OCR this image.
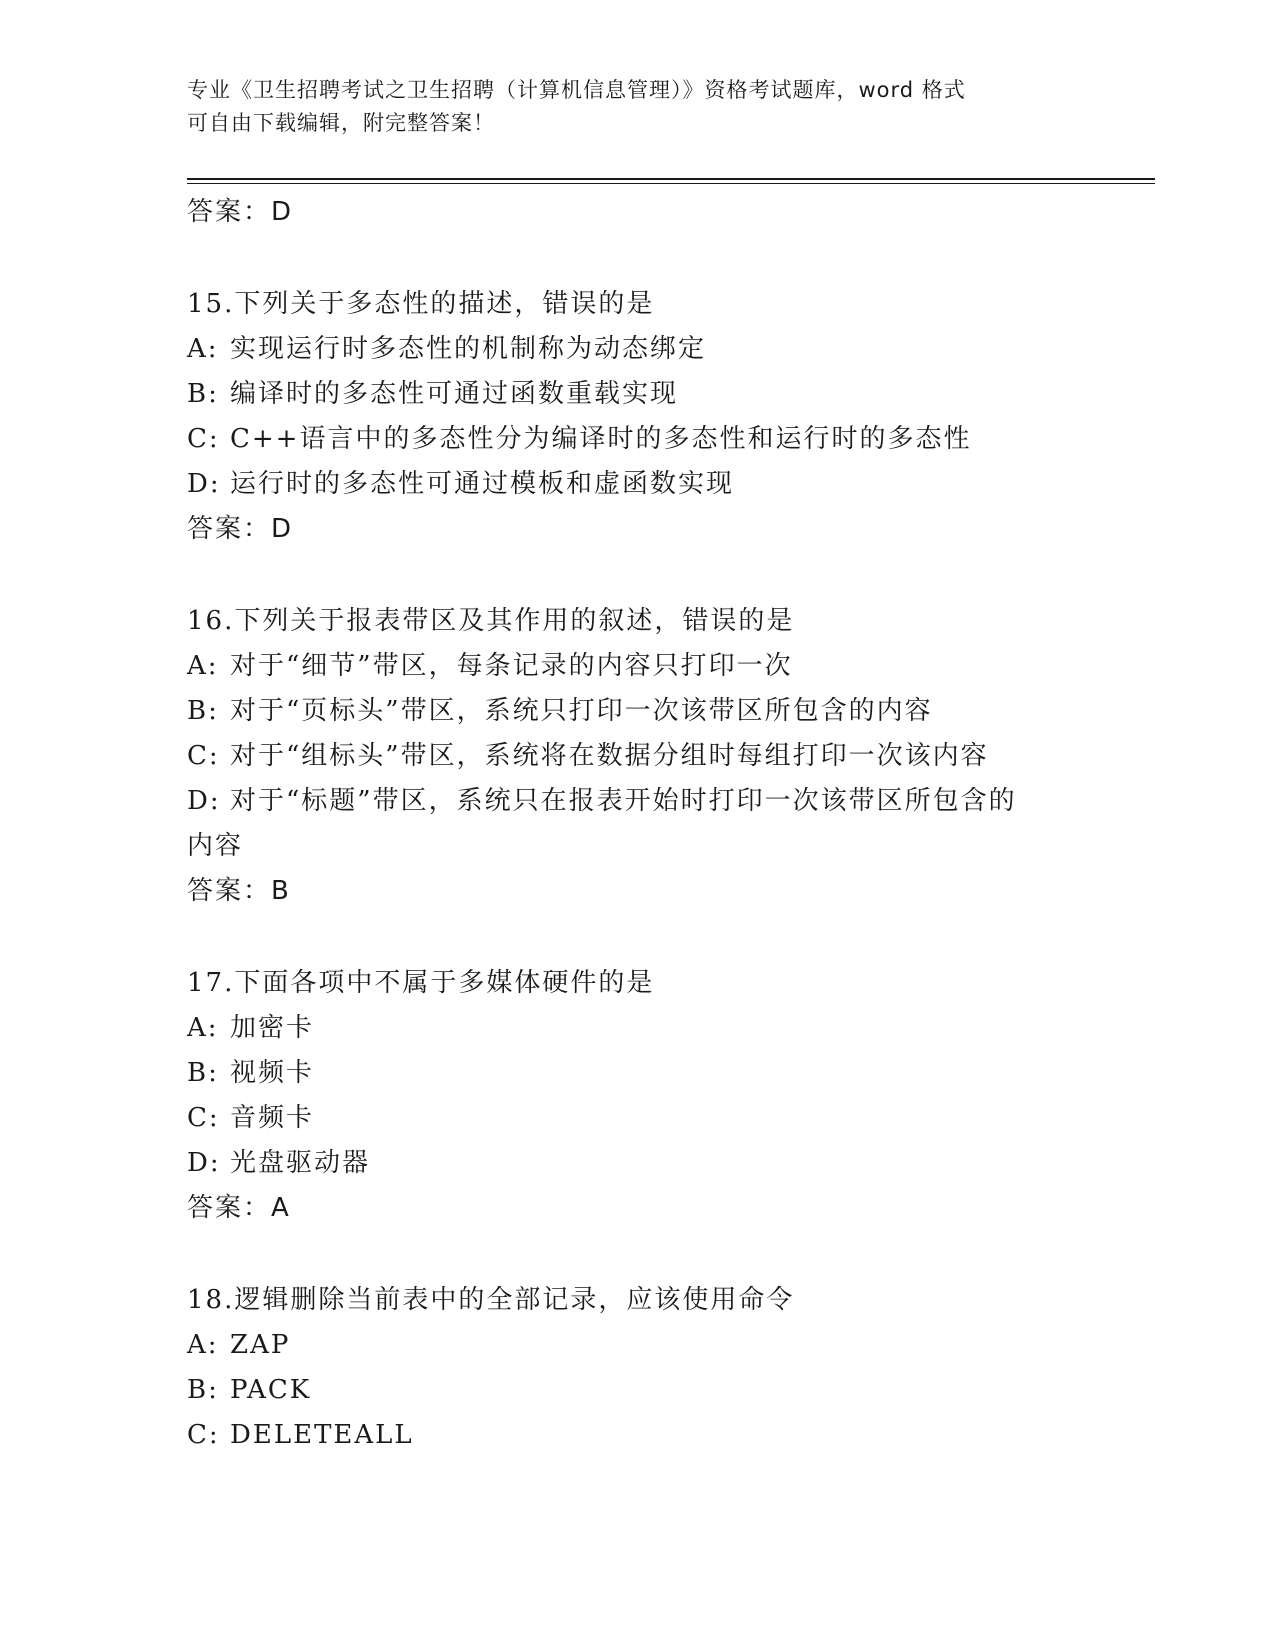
专业《卫生招聘考试之卫生招聘（计算机信息管理）》资格考试题库，word 格式
可自由下载编辑，附完整答案！
答案：D
15.下列关于多态性的描述，错误的是
A: 实现运行时多态性的机制称为动态绑定
B: 编译时的多态性可通过函数重载实现
C: C++语言中的多态性分为编译时的多态性和运行时的多态性
D: 运行时的多态性可通过模板和虚函数实现
答案：D
16.下列关于报表带区及其作用的叙述，错误的是
A: 对于“细节”带区，每条记录的内容只打印一次
B: 对于“页标头”带区，系统只打印一次该带区所包含的内容
C: 对于“组标头”带区，系统将在数据分组时每组打印一次该内容
D: 对于“标题”带区，系统只在报表开始时打印一次该带区所包含的
内容
答案：B
17.下面各项中不属于多媒体硬件的是
A: 加密卡
B: 视频卡
C: 音频卡
D: 光盘驱动器
答案：A
18.逻辑删除当前表中的全部记录，应该使用命令
A: ZAP
B: PACK
C: DELETEALL
